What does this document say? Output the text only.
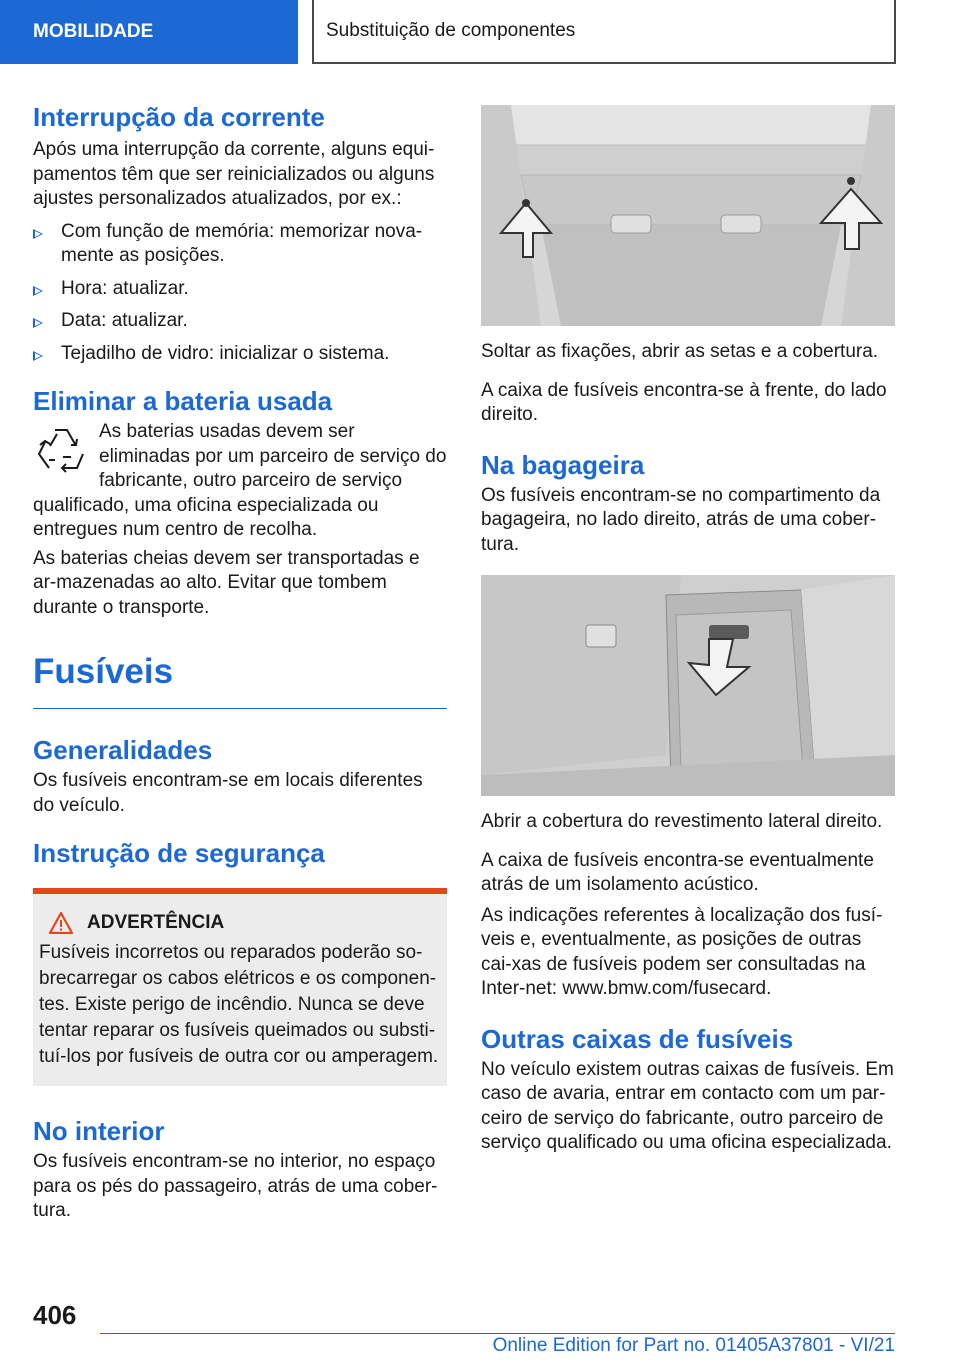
MOBILIDADE	Substituição de componentes
Interrupção da corrente

Após uma interrupção da corrente, alguns equi-pamentos têm que ser reinicializados ou alguns ajustes personalizados atualizados, por ex.:

Com função de memória: memorizar nova-mente as posições.
Hora: atualizar.
Data: atualizar.
Tejadilho de vidro: inicializar o sistema.
Eliminar a bateria usada

As baterias usadas devem ser eliminadas por um parceiro de serviço do fabricante, outro parceiro de serviço qualificado, uma oficina especializada ou entregues num centro de recolha.

As baterias cheias devem ser transportadas e ar-mazenadas ao alto. Evitar que tombem durante o transporte.

Fusíveis
Generalidades

Os fusíveis encontram-se em locais diferentes do veículo.

Instrução de segurança
ADVERTÊNCIA
Fusíveis incorretos ou reparados poderão so-brecarregar os cabos elétricos e os componen-tes. Existe perigo de incêndio. Nunca se deve tentar reparar os fusíveis queimados ou substi-tuí-los por fusíveis de outra cor ou amperagem.
No interior

Os fusíveis encontram-se no interior, no espaço para os pés do passageiro, atrás de uma cober-tura.

Soltar as fixações, abrir as setas e a cobertura.

A caixa de fusíveis encontra-se à frente, do lado direito.

Na bagageira

Os fusíveis encontram-se no compartimento da bagageira, no lado direito, atrás de uma cober-tura.

Abrir a cobertura do revestimento lateral direito.

A caixa de fusíveis encontra-se eventualmente atrás de um isolamento acústico.

As indicações referentes à localização dos fusí-veis e, eventualmente, as posições de outras cai-xas de fusíveis podem ser consultadas na Inter-net: www.bmw.com/fusecard.

Outras caixas de fusíveis

No veículo existem outras caixas de fusíveis. Em caso de avaria, entrar em contacto com um par-ceiro de serviço do fabricante, outro parceiro de serviço qualificado ou uma oficina especializada.

406
Online Edition for Part no. 01405A37801 - VI/21
